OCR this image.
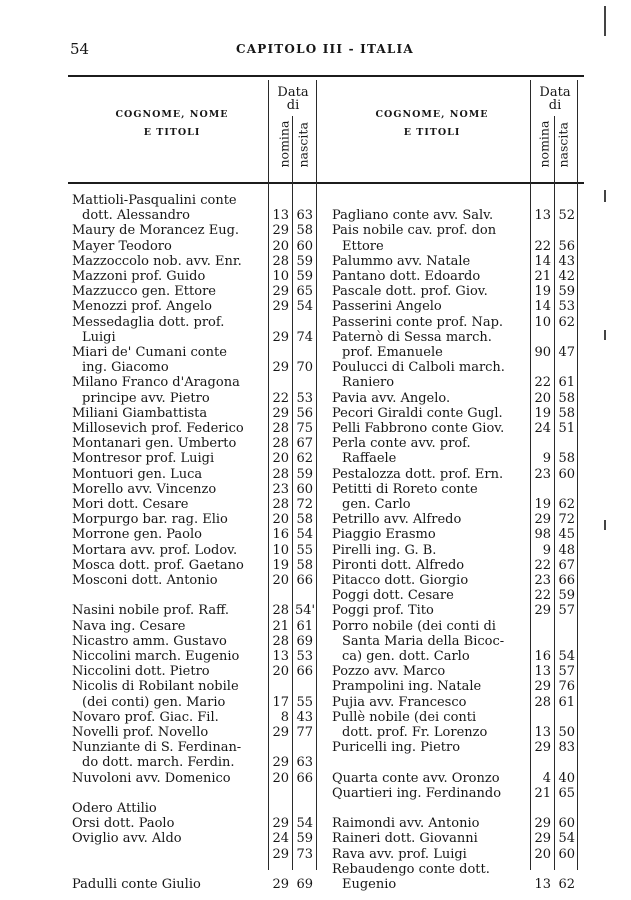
54	CAPITOLO III - ITALIA
COGNOME, NOME
E TITOLI
Data
di
nomina nascita
COGNOME, NOME
E TITOLI
Data
di
nomina nascita
Mattioli-Pasqualini conte
dott. Alessandro	13 63
Maury de Morancez Eug.	29 58
Mayer Teodoro	20 60
Mazzoccolo nob. avv. Enr. 28 59
Mazzoni prof. Guido	10 59
Mazzucco gen. Ettore	29 65
Menozzi prof. Angelo	29 54
Messedaglia dott. prof.
Luigi	29 74
Miari de' Cumani conte
ing. Giacomo	29 70
Milano Franco d'Aragona
principe avv. Pietro	22 53
Miliani Giambattista	29 56
Millosevich prof. Federico 28 75
Montanari gen. Umberto	28 67
Montresor prof. Luigi	20 62
Montuori gen. Luca	28 59
Morello avv. Vincenzo	23 60
Mori dott. Cesare	28 72
Morpurgo bar. rag. Elio	20 58
Morrone gen. Paolo	16 54
Mortara avv. prof. Lodov.	10 55
Mosca dott. prof. Gaetano 19 58
Mosconi dott. Antonio	20 66
Nasini nobile prof. Raff.	28 54'
Nava ing. Cesare	21 61
Nicastro amm. Gustavo	28 69
Niccolini march. Eugenio	13 53
Niccolini dott. Pietro	20 66
Nicolis di Robilant nobile
(dei conti) gen. Mario	17 55
Novaro prof. Giac. Fil.	8 43
Novelli prof. Novello	29 77
Nunziante di S. Ferdinan-
do dott. march. Ferdin.	29 63
Nuvoloni avv. Domenico	20 66
Odero Attilio
Orsi dott. Paolo	29 54
Oviglio avv. Aldo	24 59
29 73
Padulli conte Giulio	29 69
Pagliano conte avv. Salv.	13 52
Pais nobile cav. prof. don
Ettore	22 56
Palummo avv. Natale	14 43
Pantano dott. Edoardo	21 42
Pascale dott. prof. Giov.	19 59
Passerini Angelo	14 53
Passerini conte prof. Nap. 10 62
Paternò di Sessa march.
prof. Emanuele	90 47
Poulucci di Calboli march.
Raniero	22 61
Pavia avv. Angelo.	20 58
Pecori Giraldi conte Gugl. 19 58
Pelli Fabbrono conte Giov. 24 51
Perla conte avv. prof.
Raffaele	9 58
Pestalozza dott. prof. Ern. 23 60
Petitti di Roreto conte
gen. Carlo	19 62
Petrillo avv. Alfredo	29 72
Piaggio Erasmo	98 45
Pirelli ing. G. B.	9 48
Pironti dott. Alfredo	22 67
Pitacco dott. Giorgio	23 66
Poggi dott. Cesare	22 59
Poggi prof. Tito	29 57
Porro nobile (dei conti di
Santa Maria della Bicoc-
ca) gen. dott. Carlo	16 54
Pozzo avv. Marco	13 57
Prampolini ing. Natale	29 76
Pujia avv. Francesco	28 61
Pullè nobile (dei conti
dott. prof. Fr. Lorenzo	13 50
Puricelli ing. Pietro	29 83
Quarta conte avv. Oronzo	4 40
Quartieri ing. Ferdinando	21 65
Raimondi avv. Antonio	29 60
Raineri dott. Giovanni	29 54
Rava avv. prof. Luigi	20 60
Rebaudengo conte dott.
Eugenio	13 62
